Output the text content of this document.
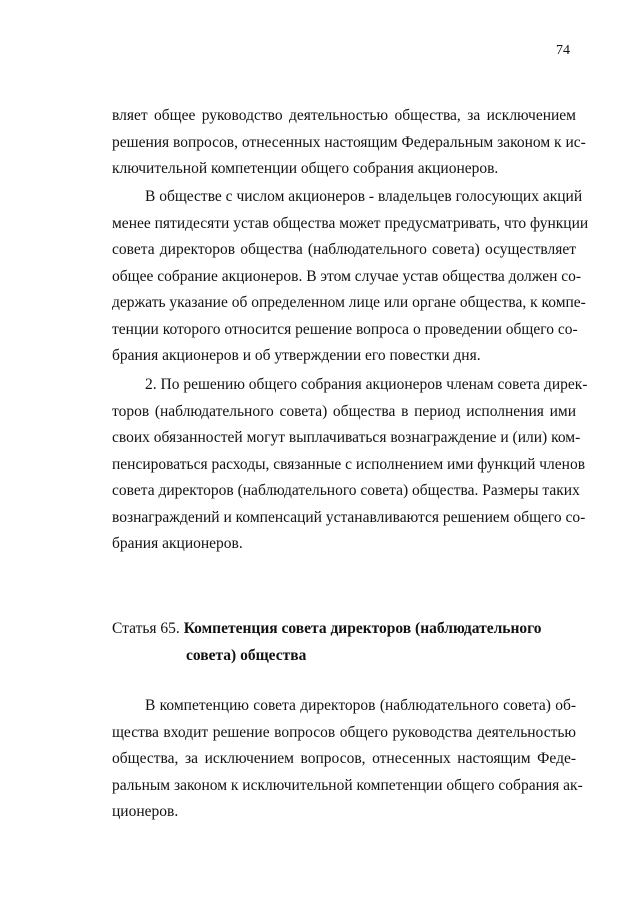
74
вляет общее руководство деятельностью общества, за исключением
решения вопросов, отнесенных настоящим Федеральным законом к ис-
ключительной компетенции общего собрания акционеров.
В обществе с числом акционеров - владельцев голосующих акций
менее пятидесяти устав общества может предусматривать, что функции
совета директоров общества (наблюдательного совета) осуществляет
общее собрание акционеров. В этом случае устав общества должен со-
держать указание об определенном лице или органе общества, к компе-
тенции которого относится решение вопроса о проведении общего со-
брания акционеров и об утверждении его повестки дня.
2. По решению общего собрания акционеров членам совета дирек-
торов (наблюдательного совета) общества в период исполнения ими
своих обязанностей могут выплачиваться вознаграждение и (или) ком-
пенсироваться расходы, связанные с исполнением ими функций членов
совета директоров (наблюдательного совета) общества. Размеры таких
вознаграждений и компенсаций устанавливаются решением общего со-
брания акционеров.
Статья 65. Компетенция совета директоров (наблюдательного
совета) общества
В компетенцию совета директоров (наблюдательного совета) об-
щества входит решение вопросов общего руководства деятельностью
общества, за исключением вопросов, отнесенных настоящим Феде-
ральным законом к исключительной компетенции общего собрания ак-
ционеров.
